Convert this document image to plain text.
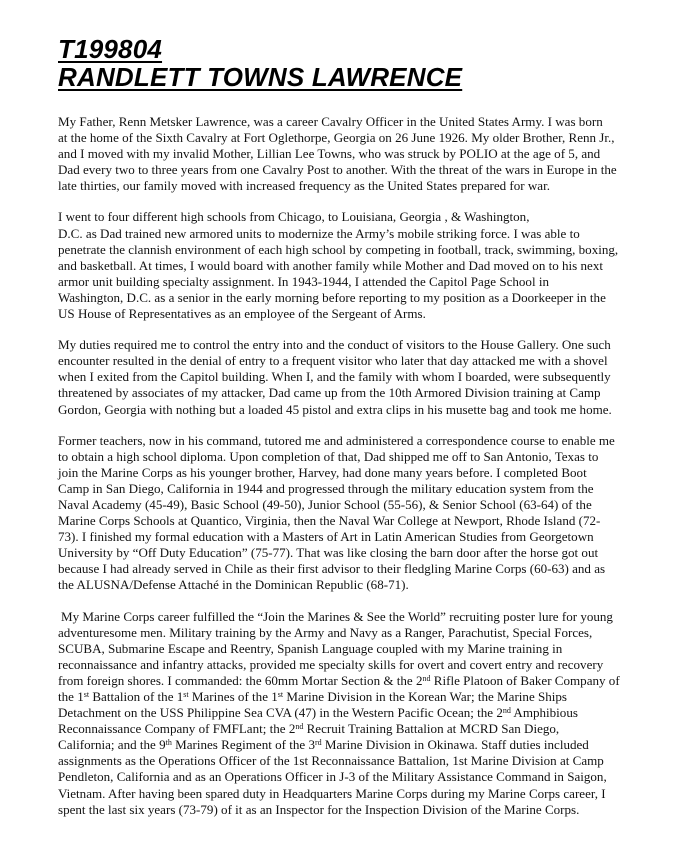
T199804
RANDLETT TOWNS LAWRENCE
My Father, Renn Metsker Lawrence, was a career Cavalry Officer in the United States Army. I was born
at the home of the Sixth Cavalry at Fort Oglethorpe, Georgia on 26 June 1926. My older Brother, Renn Jr.,
and I moved with my invalid Mother, Lillian Lee Towns, who was struck by POLIO at the age of 5, and
Dad every two to three years from one Cavalry Post to another. With the threat of the wars in Europe in the
late thirties, our family moved with increased frequency as the United States prepared for war.
I went to four different high schools from Chicago, to Louisiana, Georgia , & Washington,
D.C. as Dad trained new armored units to modernize the Army’s mobile striking force. I was able to
penetrate the clannish environment of each high school by competing in football, track, swimming, boxing,
and basketball. At times, I would board with another family while Mother and Dad moved on to his next
armor unit building specialty assignment. In 1943-1944, I attended the Capitol Page School in
Washington, D.C. as a senior in the early morning before reporting to my position as a Doorkeeper in the
US House of Representatives as an employee of the Sergeant of Arms.
My duties required me to control the entry into and the conduct of visitors to the House Gallery. One such
encounter resulted in the denial of entry to a frequent visitor who later that day attacked me with a shovel
when I exited from the Capitol building. When I, and the family with whom I boarded, were subsequently
threatened by associates of my attacker, Dad came up from the 10th Armored Division training at Camp
Gordon, Georgia with nothing but a loaded 45 pistol and extra clips in his musette bag and took me home.
Former teachers, now in his command, tutored me and administered a correspondence course to enable me
to obtain a high school diploma. Upon completion of that, Dad shipped me off to San Antonio, Texas to
join the Marine Corps as his younger brother, Harvey, had done many years before. I completed Boot
Camp in San Diego, California in 1944 and progressed through the military education system from the
Naval Academy (45-49), Basic School (49-50), Junior School (55-56), & Senior School (63-64) of the
Marine Corps Schools at Quantico, Virginia, then the Naval War College at Newport, Rhode Island (72-
73). I finished my formal education with a Masters of Art in Latin American Studies from Georgetown
University by “Off Duty Education” (75-77). That was like closing the barn door after the horse got out
because I had already served in Chile as their first advisor to their fledgling Marine Corps (60-63) and as
the ALUSNA/Defense Attaché in the Dominican Republic (68-71).
My Marine Corps career fulfilled the “Join the Marines & See the World” recruiting poster lure for young
adventuresome men. Military training by the Army and Navy as a Ranger, Parachutist, Special Forces,
SCUBA, Submarine Escape and Reentry, Spanish Language coupled with my Marine training in
reconnaissance and infantry attacks, provided me specialty skills for overt and covert entry and recovery
from foreign shores. I commanded: the 60mm Mortar Section & the 2nd Rifle Platoon of Baker Company of
the 1st Battalion of the 1st Marines of the 1st Marine Division in the Korean War; the Marine Ships
Detachment on the USS Philippine Sea CVA (47) in the Western Pacific Ocean; the 2nd Amphibious
Reconnaissance Company of FMFLant; the 2nd Recruit Training Battalion at MCRD San Diego,
California; and the 9th Marines Regiment of the 3rd Marine Division in Okinawa. Staff duties included
assignments as the Operations Officer of the 1st Reconnaissance Battalion, 1st Marine Division at Camp
Pendleton, California and as an Operations Officer in J-3 of the Military Assistance Command in Saigon,
Vietnam. After having been spared duty in Headquarters Marine Corps during my Marine Corps career, I
spent the last six years (73-79) of it as an Inspector for the Inspection Division of the Marine Corps.
